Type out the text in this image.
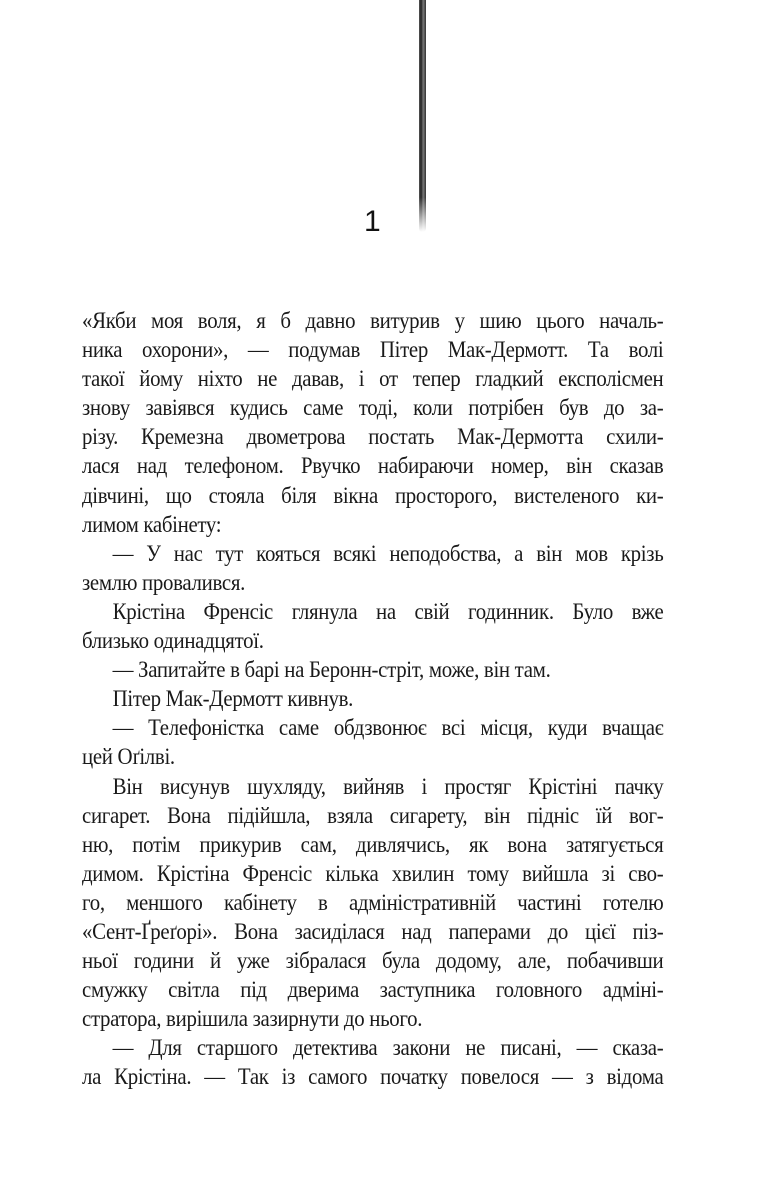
1
«Якби моя воля, я б давно витурив у шию цього началь-
ника охорони», — подумав Пітер Мак-Дермотт. Та волі
такої йому ніхто не давав, і от тепер гладкий експолісмен
знову завіявся кудись саме тоді, коли потрібен був до за-
різу. Кремезна двометрова постать Мак-Дермотта схили-
лася над телефоном. Рвучко набираючи номер, він сказав
дівчині, що стояла біля вікна просторого, вистеленого ки-
лимом кабінету:
— У нас тут кояться всякі неподобства, а він мов крізь
землю провалився.
Крістіна Френсіс глянула на свій годинник. Було вже
близько одинадцятої.
— Запитайте в барі на Беронн-стріт, може, він там.
Пітер Мак-Дермотт кивнув.
— Телефоністка саме обдзвонює всі місця, куди вчащає
цей Оґілві.
Він висунув шухляду, вийняв і простяг Крістіні пачку
сигарет. Вона підійшла, взяла сигарету, він підніс їй вог-
ню, потім прикурив сам, дивлячись, як вона затягується
димом. Крістіна Френсіс кілька хвилин тому вийшла зі сво-
го, меншого кабінету в адміністративній частині готелю
«Сент-Ґреґорі». Вона засиділася над паперами до цієї піз-
ньої години й уже зібралася була додому, але, побачивши
смужку світла під дверима заступника головного адміні-
стратора, вирішила зазирнути до нього.
— Для старшого детектива закони не писані, — сказа-
ла Крістіна. — Так із самого початку повелося — з відома
